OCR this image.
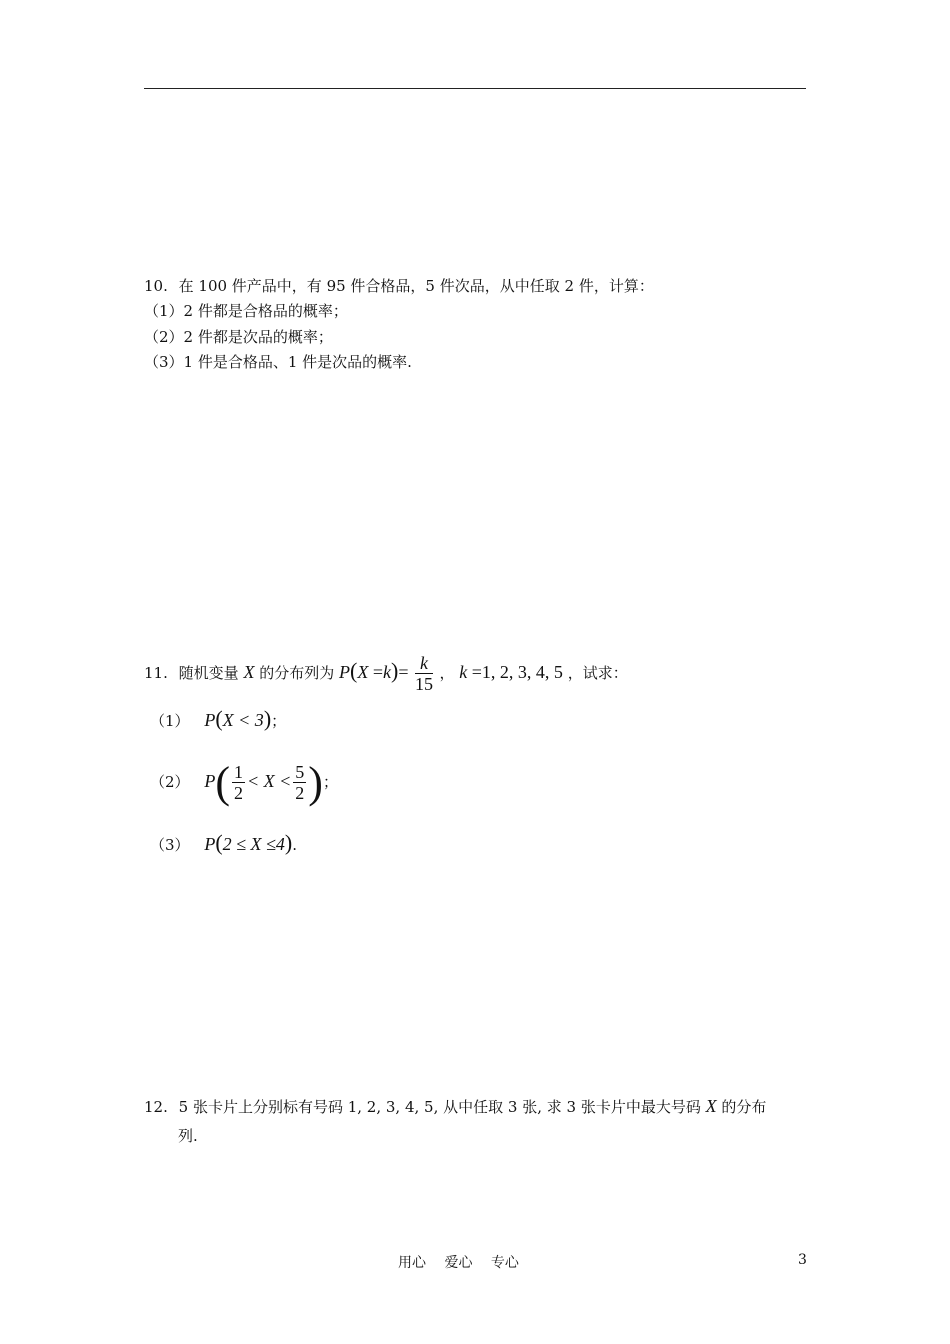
10. 在 100 件产品中，有 95 件合格品，5 件次品，从中任取 2 件，计算：
（1）2 件都是合格品的概率；
（2）2 件都是次品的概率；
（3）1 件是合格品、1 件是次品的概率.
11. 随机变量 X 的分布列为 $P(X =k)= \frac{k}{15}$ ， k =1, 2, 3, 4, 5 ，试求：
（1） P(X < 3)；
（2） $P( \frac{1}{2} < X < \frac{5}{2}$ )；
（3） P(2 ≤ X ≤4).
12. 5 张卡片上分别标有号码 1, 2, 3, 4, 5, 从中任取 3 张, 求 3 张卡片中最大号码 X 的分布
列.
用心　 爱心　 专心	3
